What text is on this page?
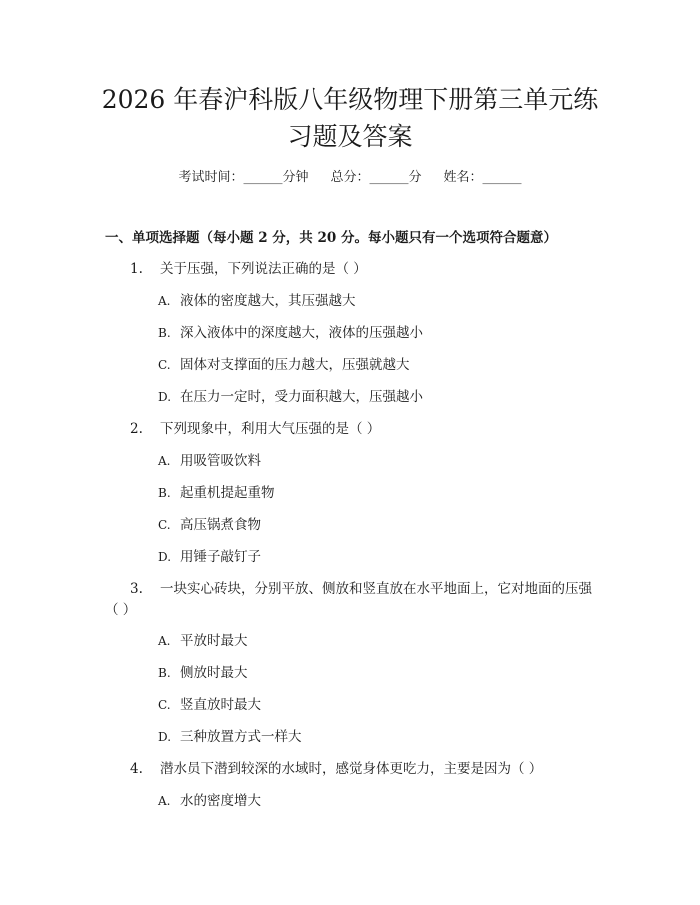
2026 年春沪科版八年级物理下册第三单元练
习题及答案
考试时间：______分钟 总分：______分 姓名：______
一、单项选择题（每小题 2 分，共 20 分。每小题只有一个选项符合题意）
1. 关于压强，下列说法正确的是（ ）
A. 液体的密度越大，其压强越大
B. 深入液体中的深度越大，液体的压强越小
C. 固体对支撑面的压力越大，压强就越大
D. 在压力一定时，受力面积越大，压强越小
2. 下列现象中，利用大气压强的是（ ）
A. 用吸管吸饮料
B. 起重机提起重物
C. 高压锅煮食物
D. 用锤子敲钉子
3. 一块实心砖块，分别平放、侧放和竖直放在水平地面上，它对地面的压强
（ ）
A. 平放时最大
B. 侧放时最大
C. 竖直放时最大
D. 三种放置方式一样大
4. 潜水员下潜到较深的水域时，感觉身体更吃力，主要是因为（ ）
A. 水的密度增大
